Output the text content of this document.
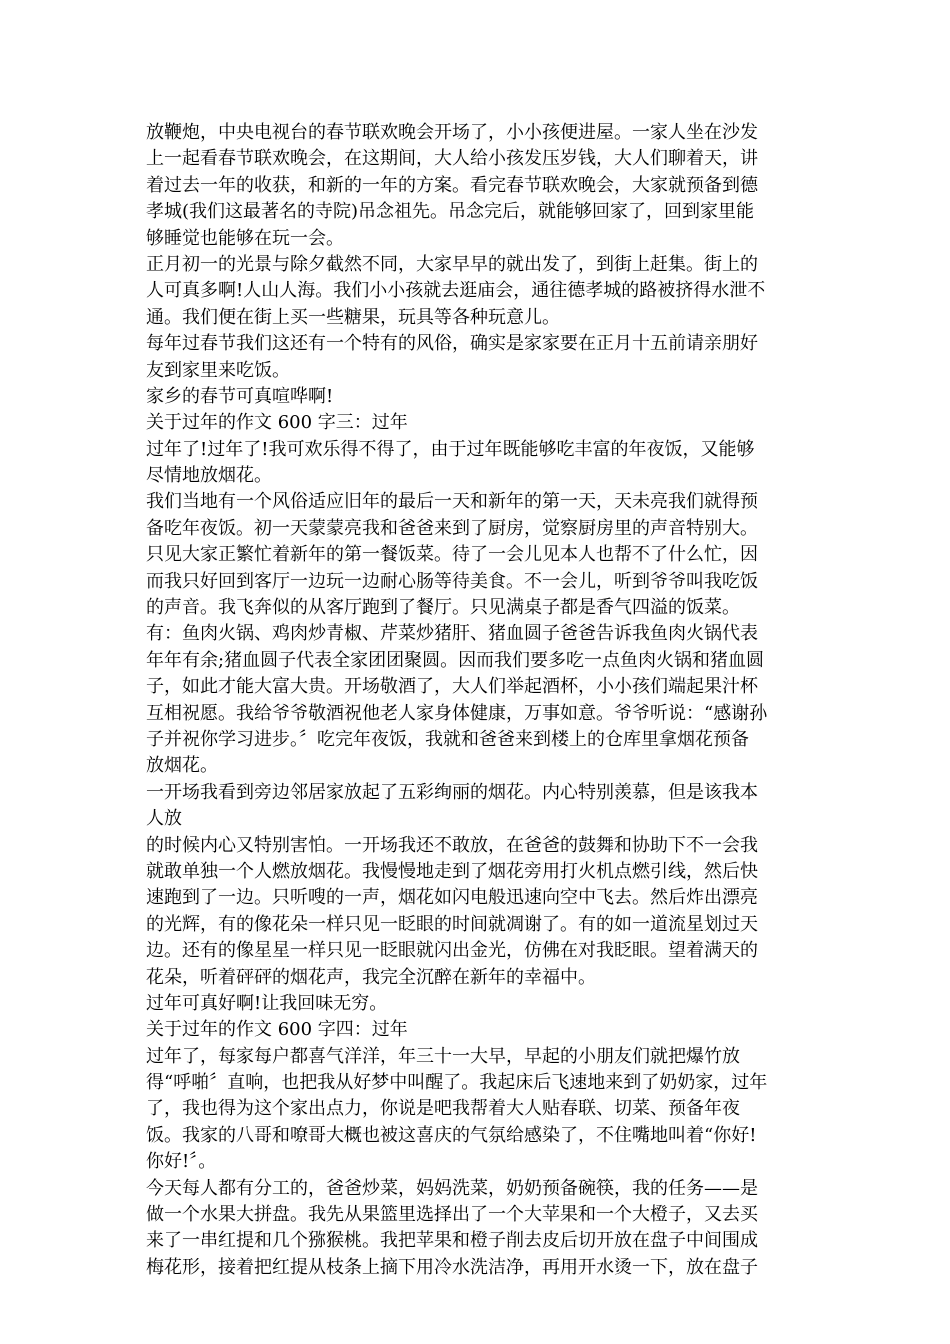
放鞭炮，中央电视台的春节联欢晚会开场了，小小孩便进屋。一家人坐在沙发
上一起看春节联欢晚会，在这期间，大人给小孩发压岁钱，大人们聊着天，讲
着过去一年的收获，和新的一年的方案。看完春节联欢晚会，大家就预备到德
孝城(我们这最著名的寺院)吊念祖先。吊念完后，就能够回家了，回到家里能
够睡觉也能够在玩一会。
正月初一的光景与除夕截然不同，大家早早的就出发了，到街上赶集。街上的
人可真多啊!人山人海。我们小小孩就去逛庙会，通往德孝城的路被挤得水泄不
通。我们便在街上买一些糖果，玩具等各种玩意儿。
每年过春节我们这还有一个特有的风俗，确实是家家要在正月十五前请亲朋好
友到家里来吃饭。
家乡的春节可真喧哗啊!
关于过年的作文 600 字三：过年
过年了!过年了!我可欢乐得不得了，由于过年既能够吃丰富的年夜饭，又能够
尽情地放烟花。
我们当地有一个风俗适应旧年的最后一天和新年的第一天，天未亮我们就得预
备吃年夜饭。初一天蒙蒙亮我和爸爸来到了厨房，觉察厨房里的声音特别大。
只见大家正繁忙着新年的第一餐饭菜。待了一会儿见本人也帮不了什么忙，因
而我只好回到客厅一边玩一边耐心肠等待美食。不一会儿，听到爷爷叫我吃饭
的声音。我飞奔似的从客厅跑到了餐厅。只见满桌子都是香气四溢的饭菜。
有：鱼肉火锅、鸡肉炒青椒、芹菜炒猪肝、猪血圆子爸爸告诉我鱼肉火锅代表
年年有余;猪血圆子代表全家团团聚圆。因而我们要多吃一点鱼肉火锅和猪血圆
子，如此才能大富大贵。开场敬酒了，大人们举起酒杯，小小孩们端起果汁杯
互相祝愿。我给爷爷敬酒祝他老人家身体健康，万事如意。爷爷听说：“感谢孙
子并祝你学习进步。〞吃完年夜饭，我就和爸爸来到楼上的仓库里拿烟花预备
放烟花。
一开场我看到旁边邻居家放起了五彩绚丽的烟花。内心特别羡慕，但是该我本
人放
的时候内心又特别害怕。一开场我还不敢放，在爸爸的鼓舞和协助下不一会我
就敢单独一个人燃放烟花。我慢慢地走到了烟花旁用打火机点燃引线，然后快
速跑到了一边。只听嗖的一声，烟花如闪电般迅速向空中飞去。然后炸出漂亮
的光辉，有的像花朵一样只见一眨眼的时间就凋谢了。有的如一道流星划过天
边。还有的像星星一样只见一眨眼就闪出金光，仿佛在对我眨眼。望着满天的
花朵，听着砰砰的烟花声，我完全沉醉在新年的幸福中。
过年可真好啊!让我回味无穷。
关于过年的作文 600 字四：过年
过年了，每家每户都喜气洋洋，年三十一大早，早起的小朋友们就把爆竹放
得“呼啪〞直响，也把我从好梦中叫醒了。我起床后飞速地来到了奶奶家，过年
了，我也得为这个家出点力，你说是吧我帮着大人贴春联、切菜、预备年夜
饭。我家的八哥和嘹哥大概也被这喜庆的气氛给感染了，不住嘴地叫着“你好!
你好!〞。
今天每人都有分工的，爸爸炒菜，妈妈洗菜，奶奶预备碗筷，我的任务——是
做一个水果大拼盘。我先从果篮里选择出了一个大苹果和一个大橙子，又去买
来了一串红提和几个猕猴桃。我把苹果和橙子削去皮后切开放在盘子中间围成
梅花形，接着把红提从枝条上摘下用冷水洗洁净，再用开水烫一下，放在盘子
